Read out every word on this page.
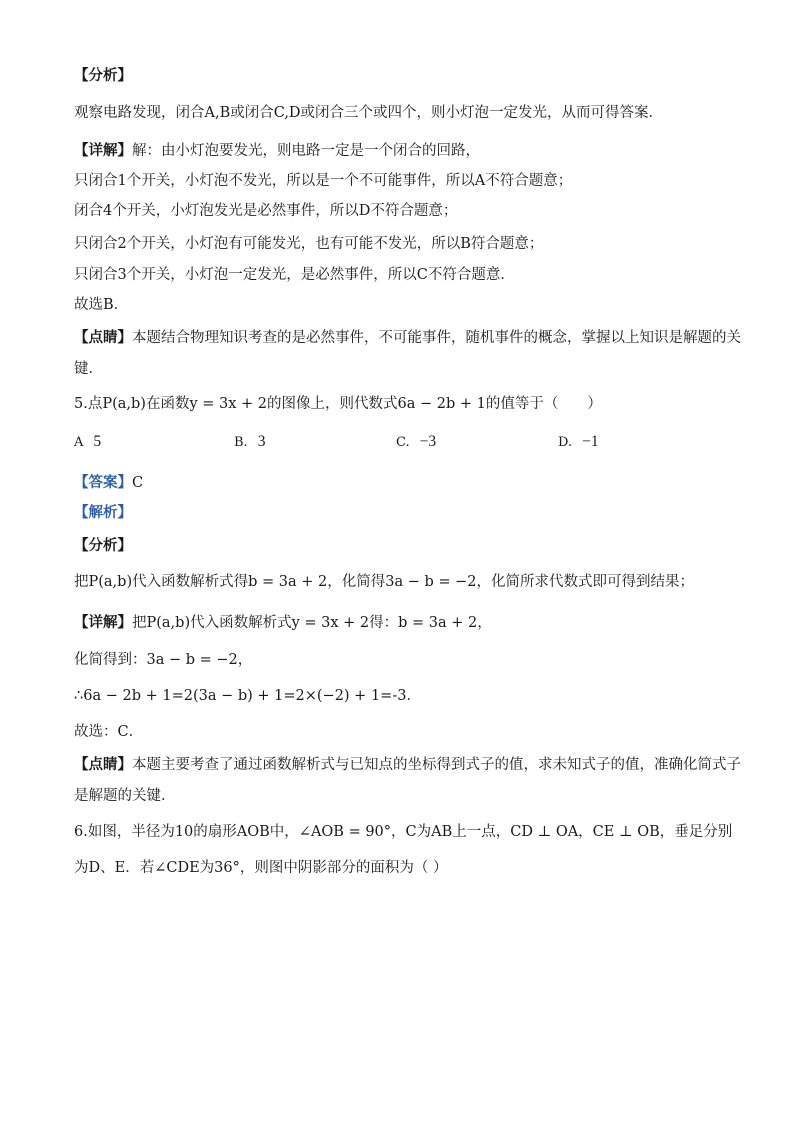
【分析】
观察电路发现，闭合A,B或闭合C,D或闭合三个或四个，则小灯泡一定发光，从而可得答案．
【详解】解：由小灯泡要发光，则电路一定是一个闭合的回路，
只闭合1个开关，小灯泡不发光，所以是一个不可能事件，所以A不符合题意；
闭合4个开关，小灯泡发光是必然事件，所以D不符合题意；
只闭合2个开关，小灯泡有可能发光，也有可能不发光，所以B符合题意；
只闭合3个开关，小灯泡一定发光，是必然事件，所以C不符合题意．
故选B．
【点睛】本题结合物理知识考查的是必然事件，不可能事件，随机事件的概念，掌握以上知识是解题的关
键．
5.点P(a,b)在函数y = 3x + 2的图像上，则代数式6a − 2b + 1的值等于（　　）
A 5	B. 3	C. −3	D. −1
【答案】C
【解析】
【分析】
把P(a,b)代入函数解析式得b = 3a + 2，化简得3a − b = −2，化简所求代数式即可得到结果；
【详解】把P(a,b)代入函数解析式y = 3x + 2得：b = 3a + 2，
化简得到：3a − b = −2，
∴6a − 2b + 1=2(3a − b) + 1=2×(−2) + 1=-3．
故选：C．
【点睛】本题主要考查了通过函数解析式与已知点的坐标得到式子的值，求未知式子的值，准确化简式子
是解题的关键．
6.如图，半径为10的扇形AOB中，∠AOB = 90°，C为AB上一点，CD ⊥ OA，CE ⊥ OB，垂足分别
为D、E．若∠CDE为36°，则图中阴影部分的面积为（ ）
